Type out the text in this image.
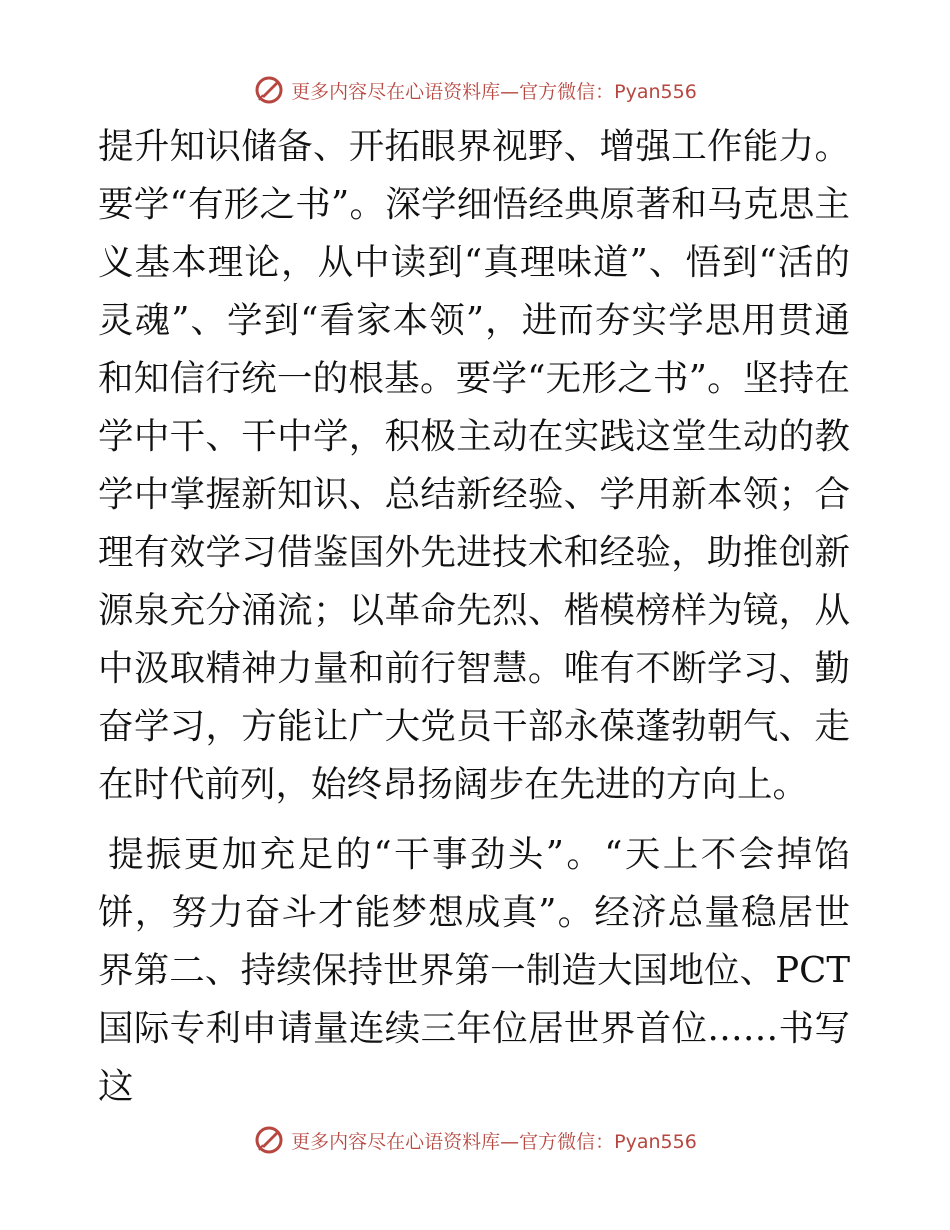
更多内容尽在心语资料库—官方微信：Pyan556

提升知识储备、开拓眼界视野、增强工作能力。要学“有形之书”。深学细悟经典原著和马克思主义基本理论，从中读到“真理味道”、悟到“活的灵魂”、学到“看家本领”，进而夯实学思用贯通和知信行统一的根基。要学“无形之书”。坚持在学中干、干中学，积极主动在实践这堂生动的教学中掌握新知识、总结新经验、学用新本领；合理有效学习借鉴国外先进技术和经验，助推创新源泉充分涌流；以革命先烈、楷模榜样为镜，从中汲取精神力量和前行智慧。唯有不断学习、勤奋学习，方能让广大党员干部永葆蓬勃朝气、走在时代前列，始终昂扬阔步在先进的方向上。

提振更加充足的“干事劲头”。“天上不会掉馅饼，努力奋斗才能梦想成真”。经济总量稳居世界第二、持续保持世界第一制造大国地位、PCT国际专利申请量连续三年位居世界首位……书写这

更多内容尽在心语资料库—官方微信：Pyan556
